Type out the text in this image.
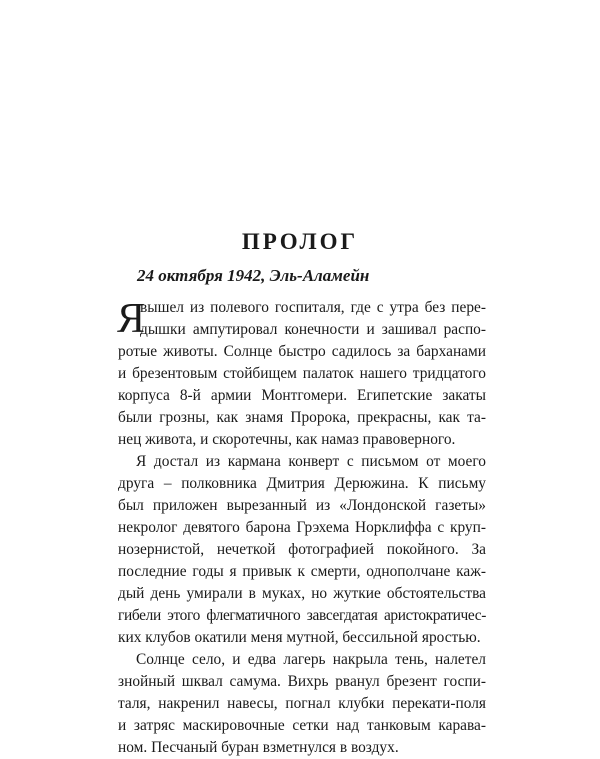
ПРОЛОГ

24 октября 1942, Эль-Аламейн

Я
вышел из полевого госпиталя, где с утра без пере-
дышки ампутировал конечности и зашивал распо-
ротые животы. Солнце быстро садилось за барханами
и брезентовым стойбищем палаток нашего тридцатого
корпуса 8-й армии Монтгомери. Египетские закаты
были грозны, как знамя Пророка, прекрасны, как та-
нец живота, и скоротечны, как намаз правоверного.
Я достал из кармана конверт с письмом от моего
друга – полковника Дмитрия Дерюжина. К письму
был приложен вырезанный из «Лондонской газеты»
некролог девятого барона Грэхема Норклиффа с круп-
нозернистой, нечеткой фотографией покойного. За
последние годы я привык к смерти, однополчане каж-
дый день умирали в муках, но жуткие обстоятельства
гибели этого флегматичного завсегдатая аристократичес-
ких клубов окатили меня мутной, бессильной яростью.
Солнце село, и едва лагерь накрыла тень, налетел
знойный шквал самума. Вихрь рванул брезент госпи-
таля, накренил навесы, погнал клубки перекати-поля
и затряс маскировочные сетки над танковым карава-
ном. Песчаный буран взметнулся в воздух.
